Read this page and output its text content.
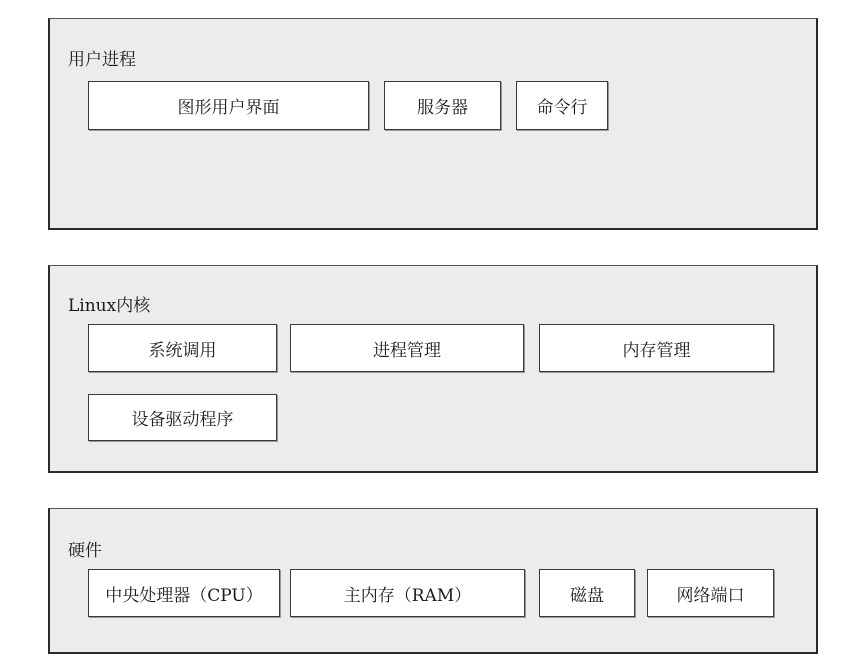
用户进程
图形用户界面	服务器	命令行
Linux内核
系统调用	进程管理	内存管理
设备驱动程序
硬件
中央处理器（CPU）	主内存（RAM）	磁盘	网络端口
